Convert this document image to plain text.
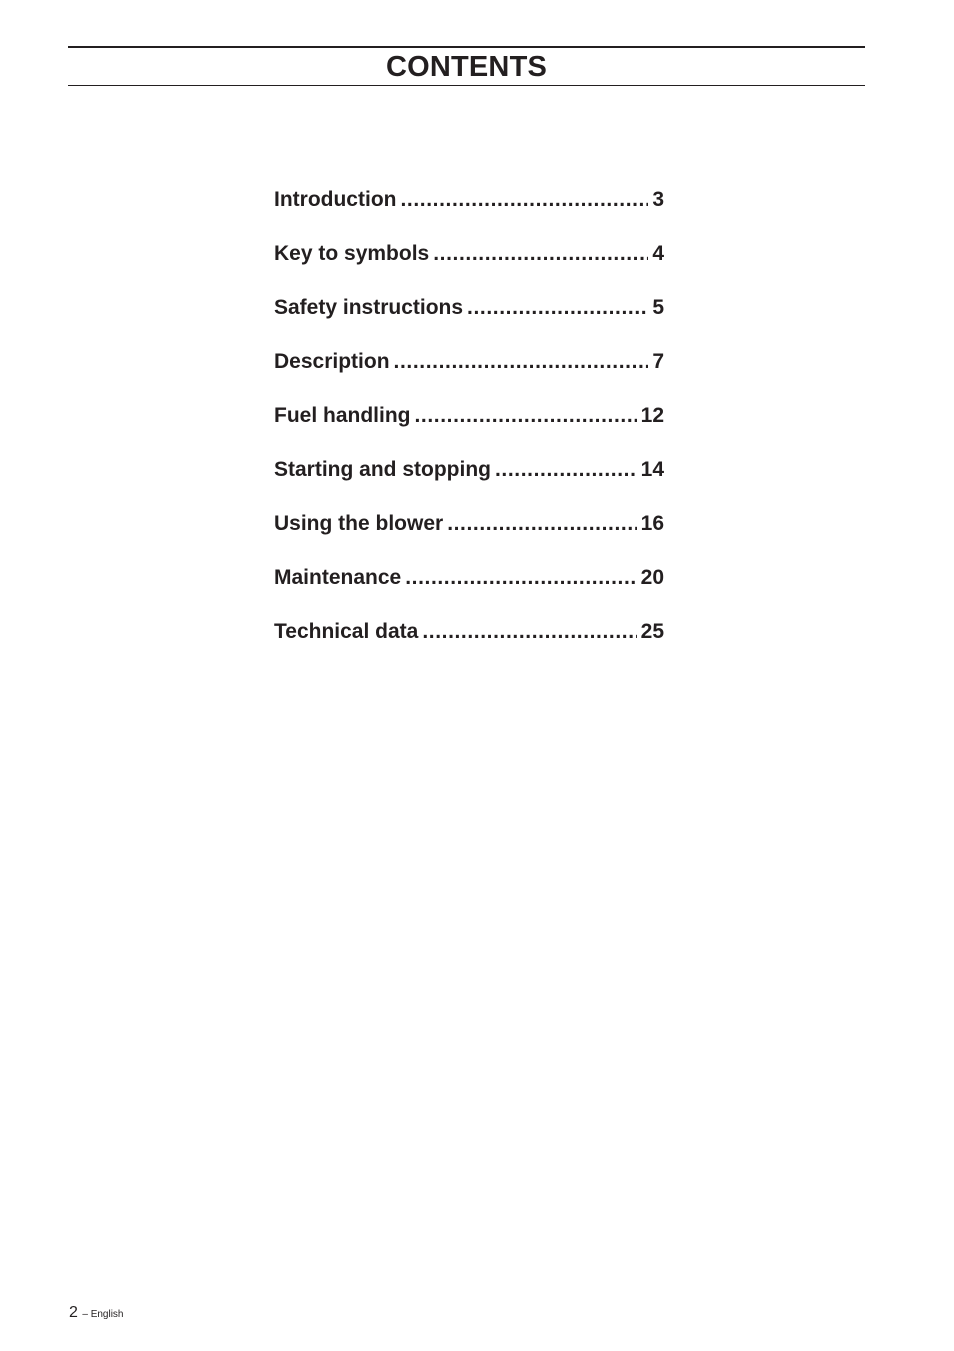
CONTENTS
Introduction .....	3
Key to symbols .....	4
Safety instructions .....	5
Description .....	7
Fuel handling .....	12
Starting and stopping .....	14
Using the blower .....	16
Maintenance .....	20
Technical data .....	25
2 – English
